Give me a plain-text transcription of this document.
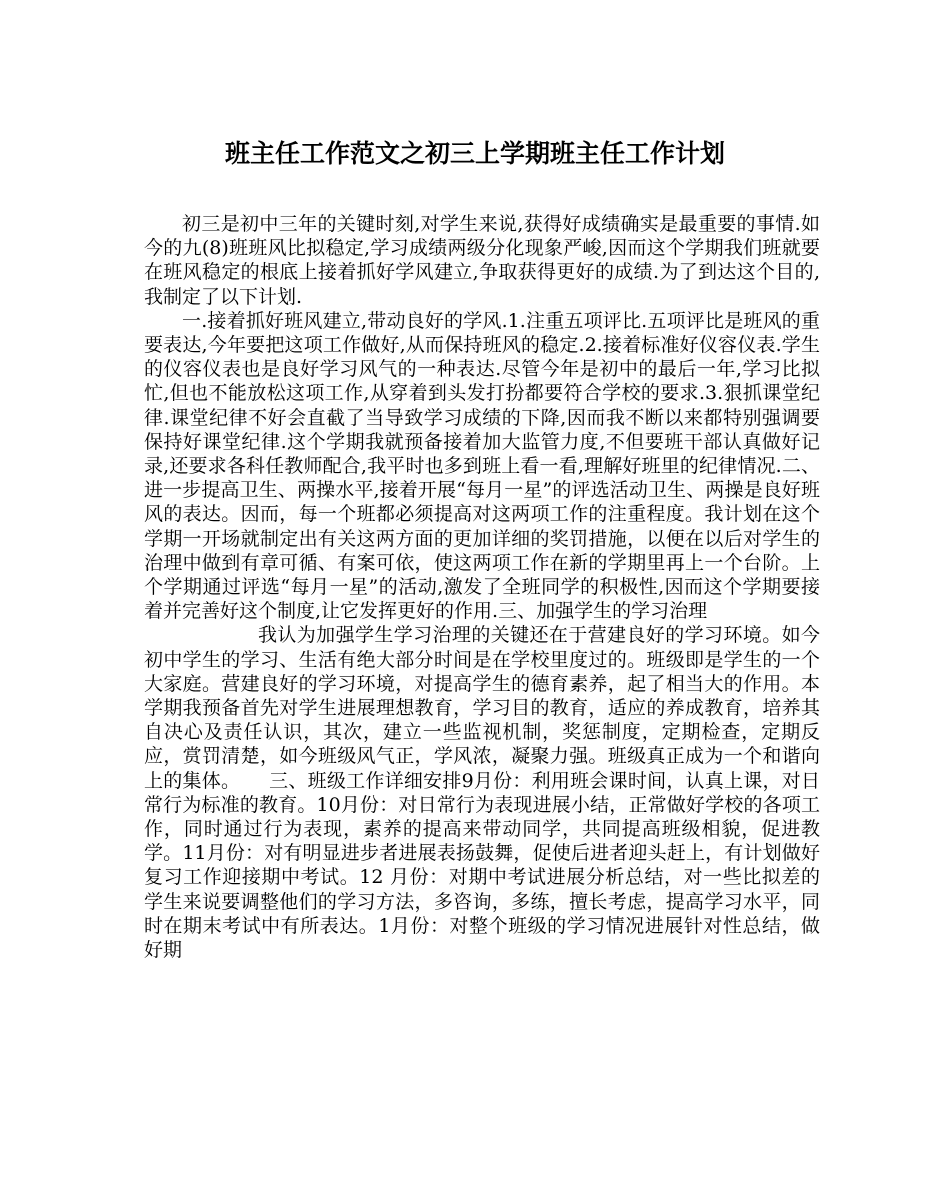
班主任工作范文之初三上学期班主任工作计划

初三是初中三年的关键时刻,对学生来说,获得好成绩确实是最重要的事情.如今的九(8)班班风比拟稳定,学习成绩两级分化现象严峻,因而这个学期我们班就要在班风稳定的根底上接着抓好学风建立,争取获得更好的成绩.为了到达这个目的,我制定了以下计划.

一.接着抓好班风建立,带动良好的学风.1.注重五项评比.五项评比是班风的重要表达,今年要把这项工作做好,从而保持班风的稳定.2.接着标准好仪容仪表.学生的仪容仪表也是良好学习风气的一种表达.尽管今年是初中的最后一年,学习比拟忙,但也不能放松这项工作,从穿着到头发打扮都要符合学校的要求.3.狠抓课堂纪律.课堂纪律不好会直截了当导致学习成绩的下降,因而我不断以来都特别强调要保持好课堂纪律.这个学期我就预备接着加大监管力度,不但要班干部认真做好记录,还要求各科任教师配合,我平时也多到班上看一看,理解好班里的纪律情况.二、进一步提高卫生、两操水平,接着开展“每月一星”的评选活动卫生、两操是良好班风的表达。因而，每一个班都必须提高对这两项工作的注重程度。我计划在这个学期一开场就制定出有关这两方面的更加详细的奖罚措施，以便在以后对学生的治理中做到有章可循、有案可依，使这两项工作在新的学期里再上一个台阶。上个学期通过评选“每月一星”的活动,激发了全班同学的积极性,因而这个学期要接着并完善好这个制度,让它发挥更好的作用.三、加强学生的学习治理

我认为加强学生学习治理的关键还在于营建良好的学习环境。如今初中学生的学习、生活有绝大部分时间是在学校里度过的。班级即是学生的一个大家庭。营建良好的学习环境，对提高学生的德育素养，起了相当大的作用。本学期我预备首先对学生进展理想教育，学习目的教育，适应的养成教育，培养其自决心及责任认识，其次，建立一些监视机制，奖惩制度，定期检查，定期反应，赏罚清楚，如今班级风气正，学风浓，凝聚力强。班级真正成为一个和谐向上的集体。　　三、班级工作详细安排9月份：利用班会课时间，认真上课，对日常行为标准的教育。10月份：对日常行为表现进展小结，正常做好学校的各项工作，同时通过行为表现，素养的提高来带动同学，共同提高班级相貌，促进教学。11月份：对有明显进步者进展表扬鼓舞，促使后进者迎头赶上，有计划做好复习工作迎接期中考试。12 月份：对期中考试进展分析总结，对一些比拟差的学生来说要调整他们的学习方法，多咨询，多练，擅长考虑，提高学习水平，同时在期末考试中有所表达。1月份：对整个班级的学习情况进展针对性总结，做好期
